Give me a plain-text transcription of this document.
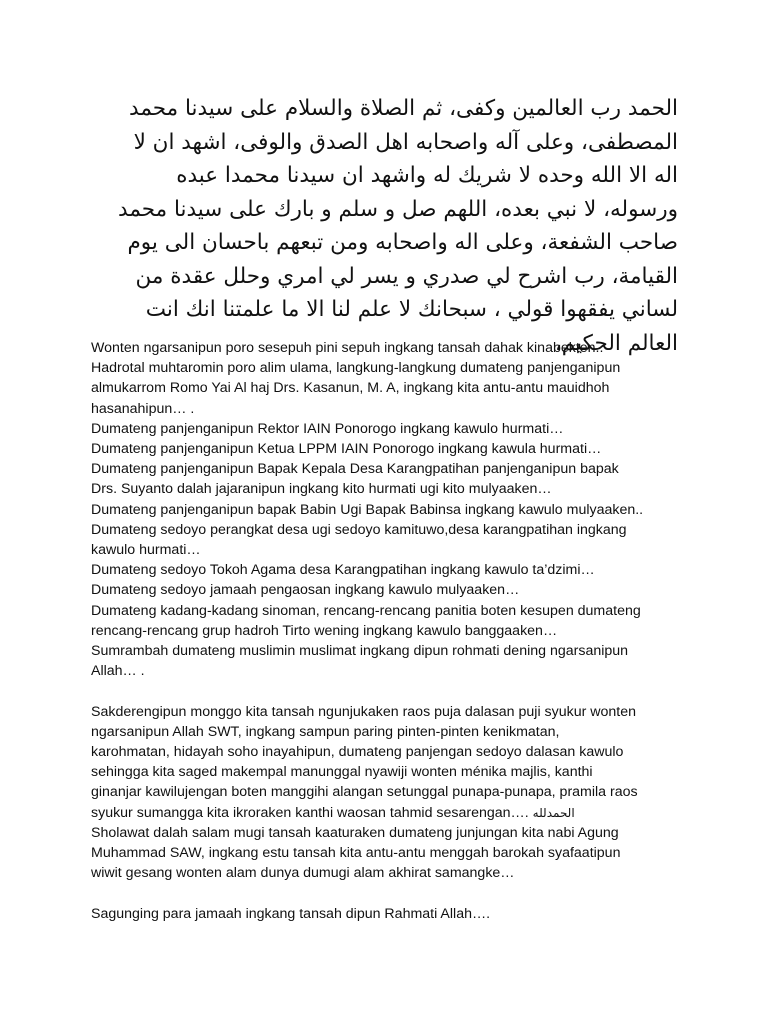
الحمد رب العالمين وكفى، ثم الصلاة والسلام على سيدنا محمد
المصطفى، وعلى آله واصحابه اهل الصدق والوفى، اشهد ان لا
اله الا الله وحده لا شريك له واشهد ان سيدنا محمدا عبده
ورسوله، لا نبي بعده، اللهم صل و سلم و بارك على سيدنا محمد
صاحب الشفعة، وعلى اله واصحابه ومن تبعهم باحسان الى يوم
القيامة، رب اشرح لي صدري و يسر لي امري وحلل عقدة من
لساني يفقهوا قولي ، سبحانك لا علم لنا الا ما علمتنا انك انت
العالم الحكيم،
Wonten ngarsanipun poro sesepuh pini sepuh ingkang tansah dahak kinabekten..
Hadrotal muhtaromin poro alim ulama, langkung-langkung dumateng panjenganipun
almukarrom Romo Yai Al haj Drs. Kasanun, M. A, ingkang kita antu-antu mauidhoh
hasanahipun… .
Dumateng panjenganipun Rektor IAIN Ponorogo ingkang kawulo hurmati…
Dumateng panjenganipun Ketua LPPM IAIN Ponorogo ingkang kawula hurmati…
Dumateng panjenganipun Bapak Kepala Desa Karangpatihan panjenganipun bapak
Drs. Suyanto dalah jajaranipun ingkang kito hurmati ugi kito mulyaaken…
Dumateng panjenganipun bapak Babin Ugi Bapak Babinsa ingkang kawulo mulyaaken..
Dumateng sedoyo perangkat desa ugi sedoyo kamituwo,desa karangpatihan ingkang
kawulo hurmati…
Dumateng sedoyo Tokoh Agama desa Karangpatihan ingkang kawulo ta’dzimi…
Dumateng sedoyo jamaah pengaosan ingkang kawulo mulyaaken…
Dumateng kadang-kadang sinoman, rencang-rencang panitia boten kesupen dumateng
rencang-rencang grup hadroh Tirto wening ingkang kawulo banggaaken…
Sumrambah dumateng muslimin muslimat ingkang dipun rohmati dening ngarsanipun
Allah… .
Sakderengipun monggo kita tansah ngunjukaken raos puja dalasan puji syukur wonten
ngarsanipun Allah SWT, ingkang sampun paring pinten-pinten kenikmatan,
karohmatan, hidayah soho inayahipun, dumateng panjengan sedoyo dalasan kawulo
sehingga kita saged makempal manunggal nyawiji wonten ménika majlis, kanthi
ginanjar kawilujengan boten manggihi alangan setunggal punapa-punapa, pramila raos
syukur sumangga kita ikroraken kanthi waosan tahmid sesarengan…. الحمدلله
Sholawat dalah salam mugi tansah kaaturaken dumateng junjungan kita nabi Agung
Muhammad SAW, ingkang estu tansah kita antu-antu menggah barokah syafaatipun
wiwit gesang wonten alam dunya dumugi alam akhirat samangke…
Sagunging para jamaah ingkang tansah dipun Rahmati Allah….
